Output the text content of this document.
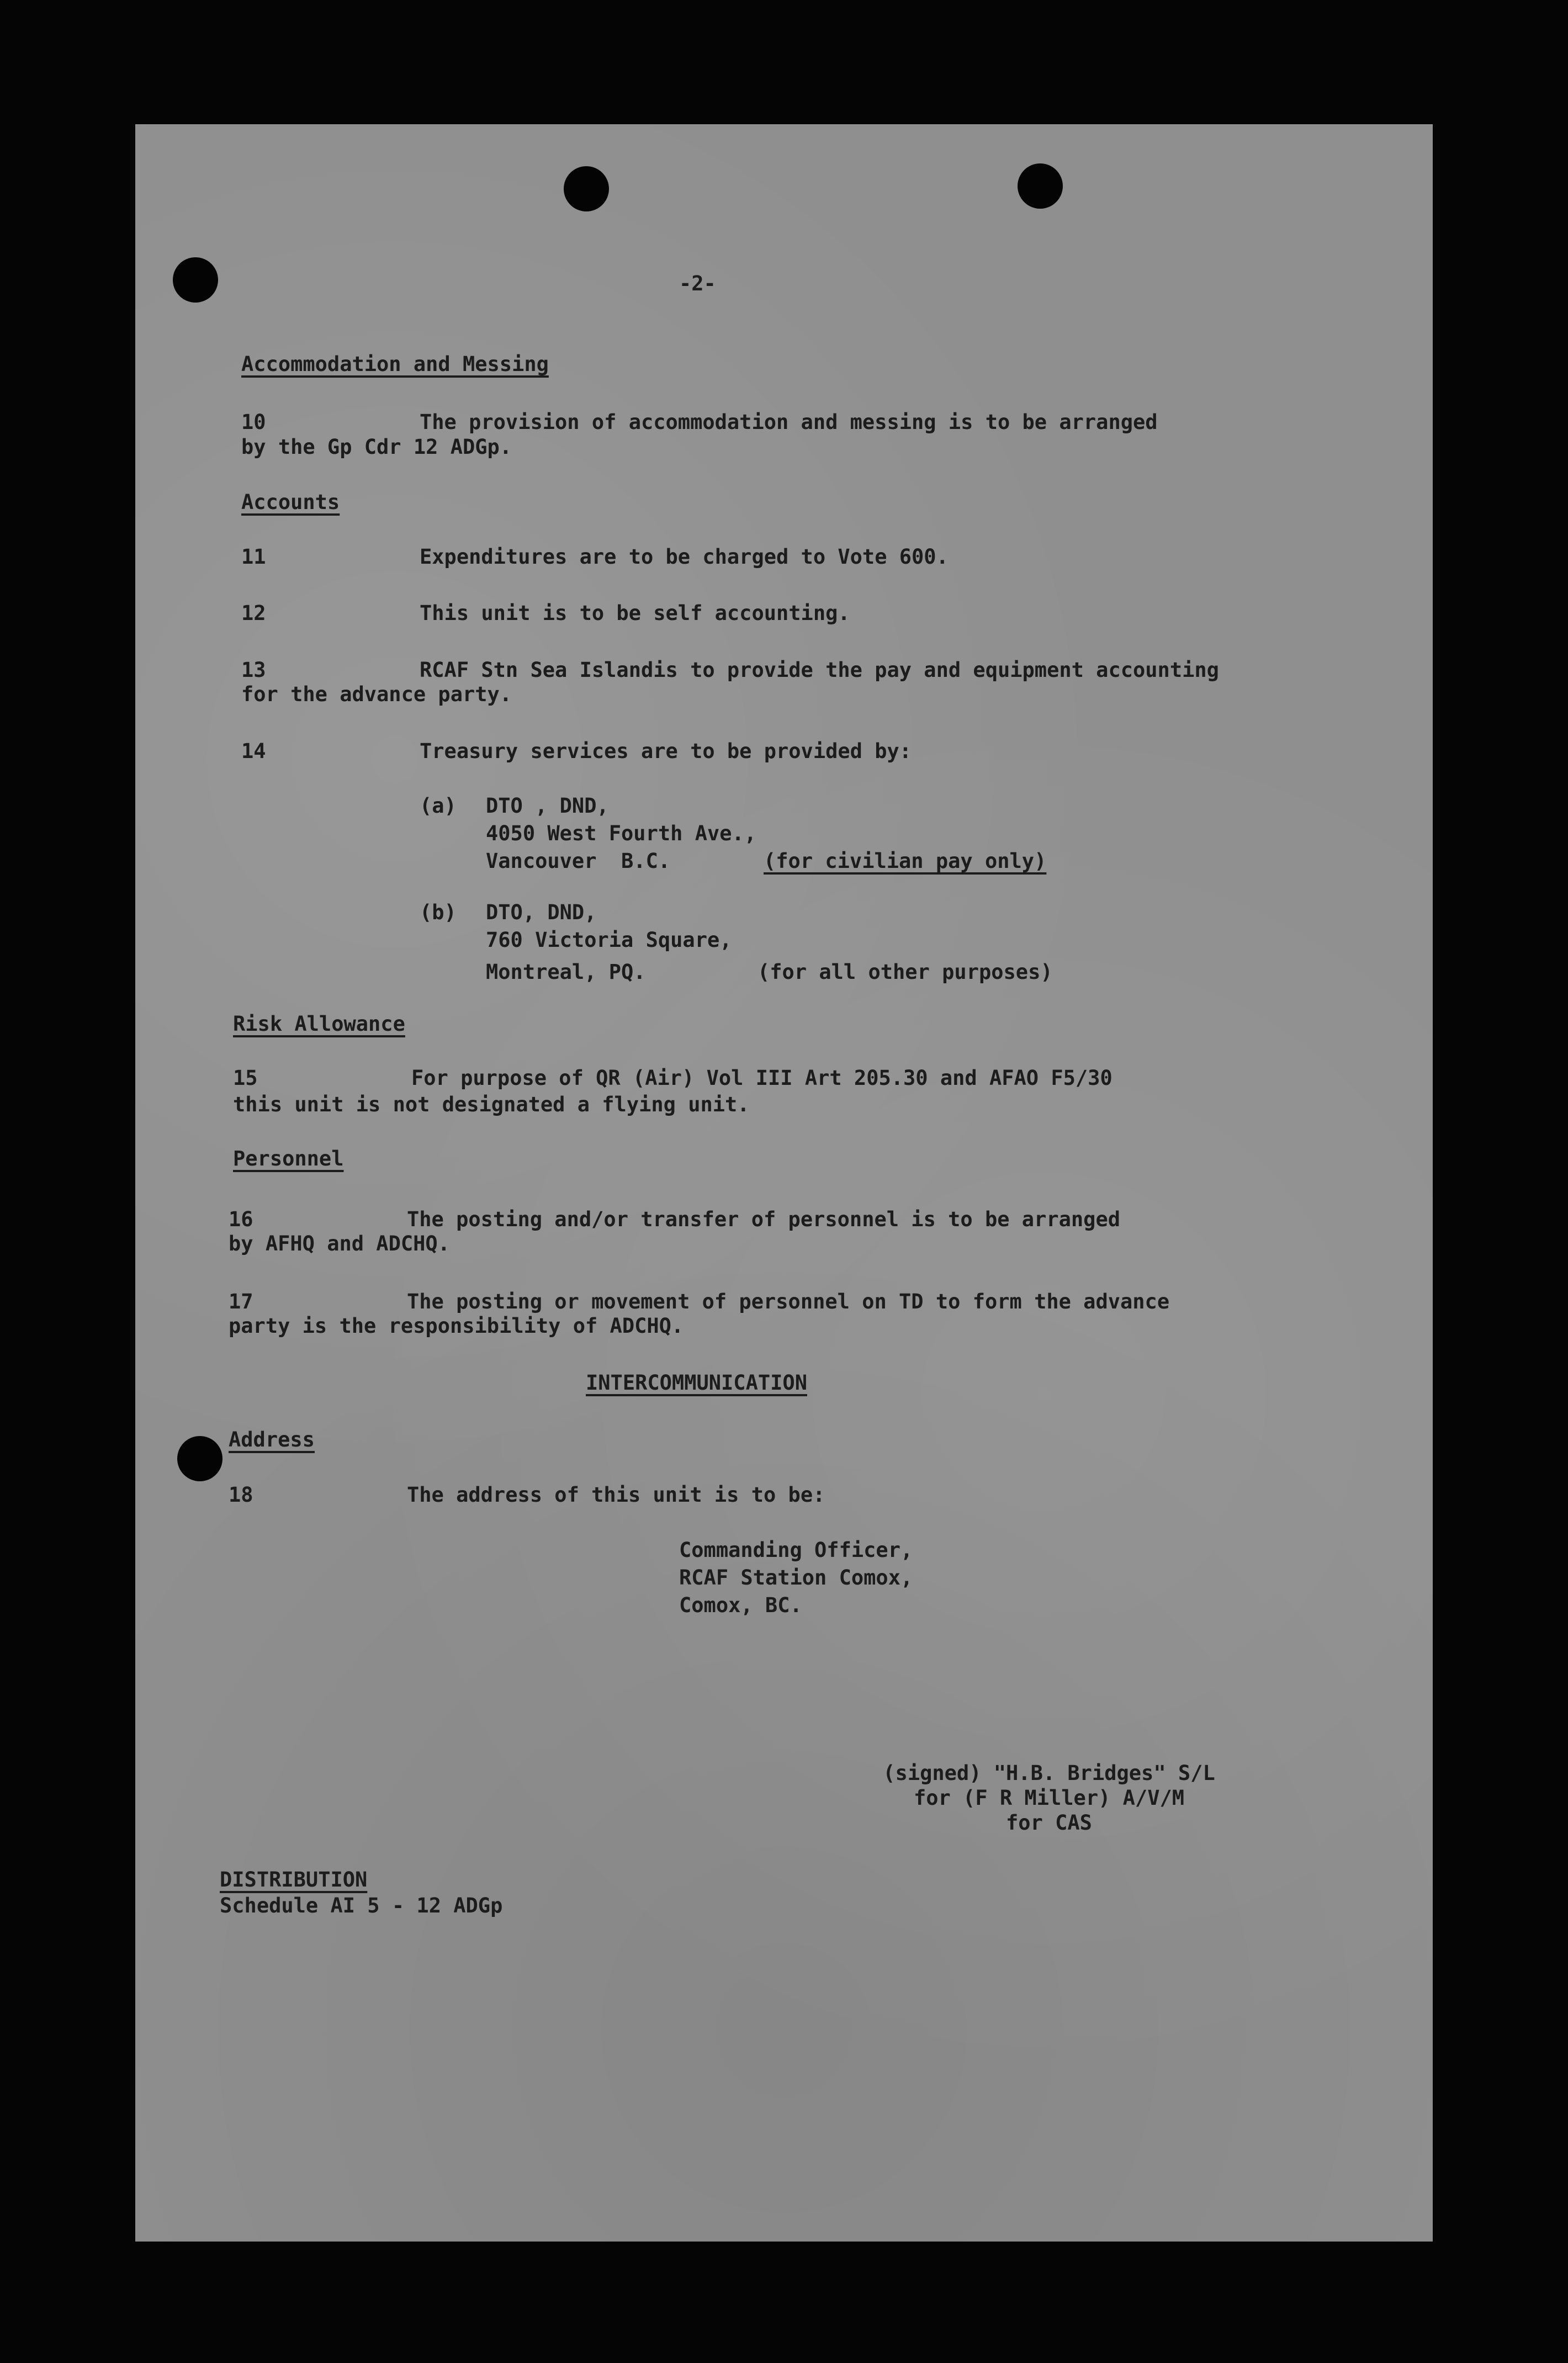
-2-

Accommodation and Messing

10	The provision of accommodation and messing is to be arranged

by the Gp Cdr 12 ADGp.

Accounts

11	Expenditures are to be charged to Vote 600.

12	This unit is to be self accounting.

13	RCAF Stn Sea Islandis to provide the pay and equipment accounting

for the advance party.

14	Treasury services are to be provided by:

(a) DTO , DND,

4050 West Fourth Ave.,

Vancouver  B.C.	(for civilian pay only)

(b) DTO, DND,

760 Victoria Square,

Montreal, PQ.	(for all other purposes)

Risk Allowance

15	For purpose of QR (Air) Vol III Art 205.30 and AFAO F5/30

this unit is not designated a flying unit.

Personnel

16	The posting and/or transfer of personnel is to be arranged

by AFHQ and ADCHQ.

17	The posting or movement of personnel on TD to form the advance

party is the responsibility of ADCHQ.

INTERCOMMUNICATION

Address

18	The address of this unit is to be:

Commanding Officer,

RCAF Station Comox,

Comox, BC.

(signed) "H.B. Bridges" S/L

for (F R Miller) A/V/M

for CAS

DISTRIBUTION

Schedule AI 5 - 12 ADGp
